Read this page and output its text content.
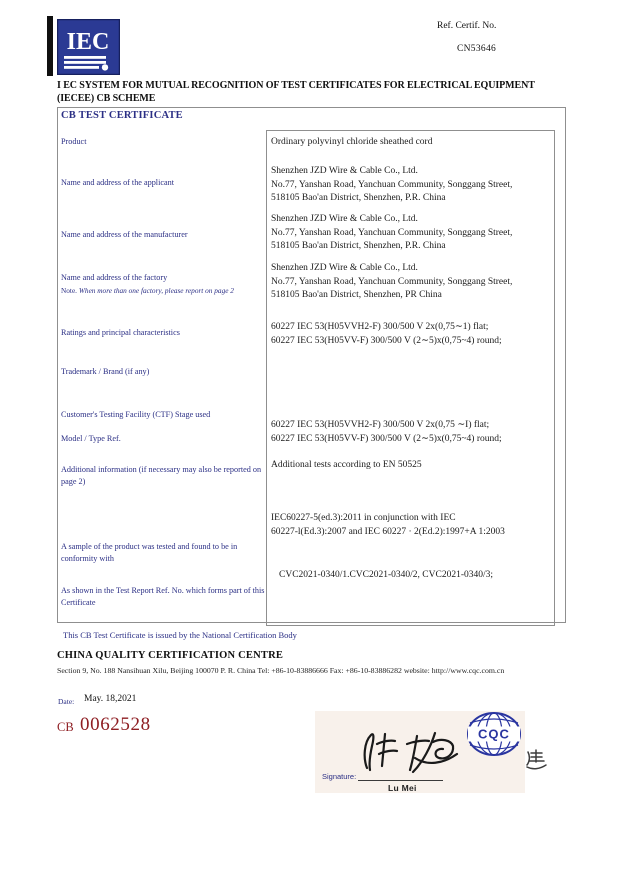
IEC
Ref. Certif. No.
CN53646
I EC SYSTEM FOR MUTUAL RECOGNITION OF TEST CERTIFICATES FOR ELECTRICAL EQUIPMENT (IECEE) CB SCHEME
CB TEST CERTIFICATE
Product
Name and address of the applicant
Name and address of the manufacturer
Name and address of the factory
Note. When more than one factory, please report on page 2
Ratings and principal characteristics
Trademark / Brand (if any)
Customer's Testing Facility (CTF) Stage used
Model / Type Ref.
Additional information (if necessary may also be reported on page 2)
A sample of the product was tested and found to be in conformity with
As shown in the Test Report Ref. No. which forms part of this Certificate
Ordinary polyvinyl chloride sheathed cord
Shenzhen JZD Wire & Cable Co., Ltd.
No.77, Yanshan Road, Yanchuan Community, Songgang Street,
518105 Bao'an District, Shenzhen, P.R. China
Shenzhen JZD Wire & Cable Co., Ltd.
No.77, Yanshan Road, Yanchuan Community, Songgang Street,
518105 Bao'an District, Shenzhen, P.R. China
Shenzhen JZD Wire & Cable Co., Ltd.
No.77, Yanshan Road, Yanchuan Community, Songgang Street,
518105 Bao'an District, Shenzhen, PR China
60227 IEC 53(H05VVH2-F) 300/500 V 2x(0,75∼1) flat;
60227 IEC 53(H05VV-F) 300/500 V (2∼5)x(0,75~4) round;
60227 IEC 53(H05VVH2-F) 300/500 V 2x(0,75 ∼I) flat;
60227 IEC 53(H05VV-F) 300/500 V (2∼5)x(0,75~4) round;
Additional tests according to EN 50525
IEC60227-5(ed.3):2011 in conjunction with IEC
60227-l(Ed.3):2007 and IEC 60227 · 2(Ed.2):1997+A 1:2003
CVC2021-0340/1.CVC2021-0340/2, CVC2021-0340/3;
This CB Test Certificate is issued by the National Certification Body
CHINA QUALITY CERTIFICATION CENTRE
Section 9, No. 188 Nansihuan Xilu, Beijing 100070 P. R. China Tel: +86-10-83886666 Fax: +86-10-83886282 website: http://www.cqc.com.cn
Date: May. 18,2021
CB 0062528
Signature:
Lu Mei
CQC
